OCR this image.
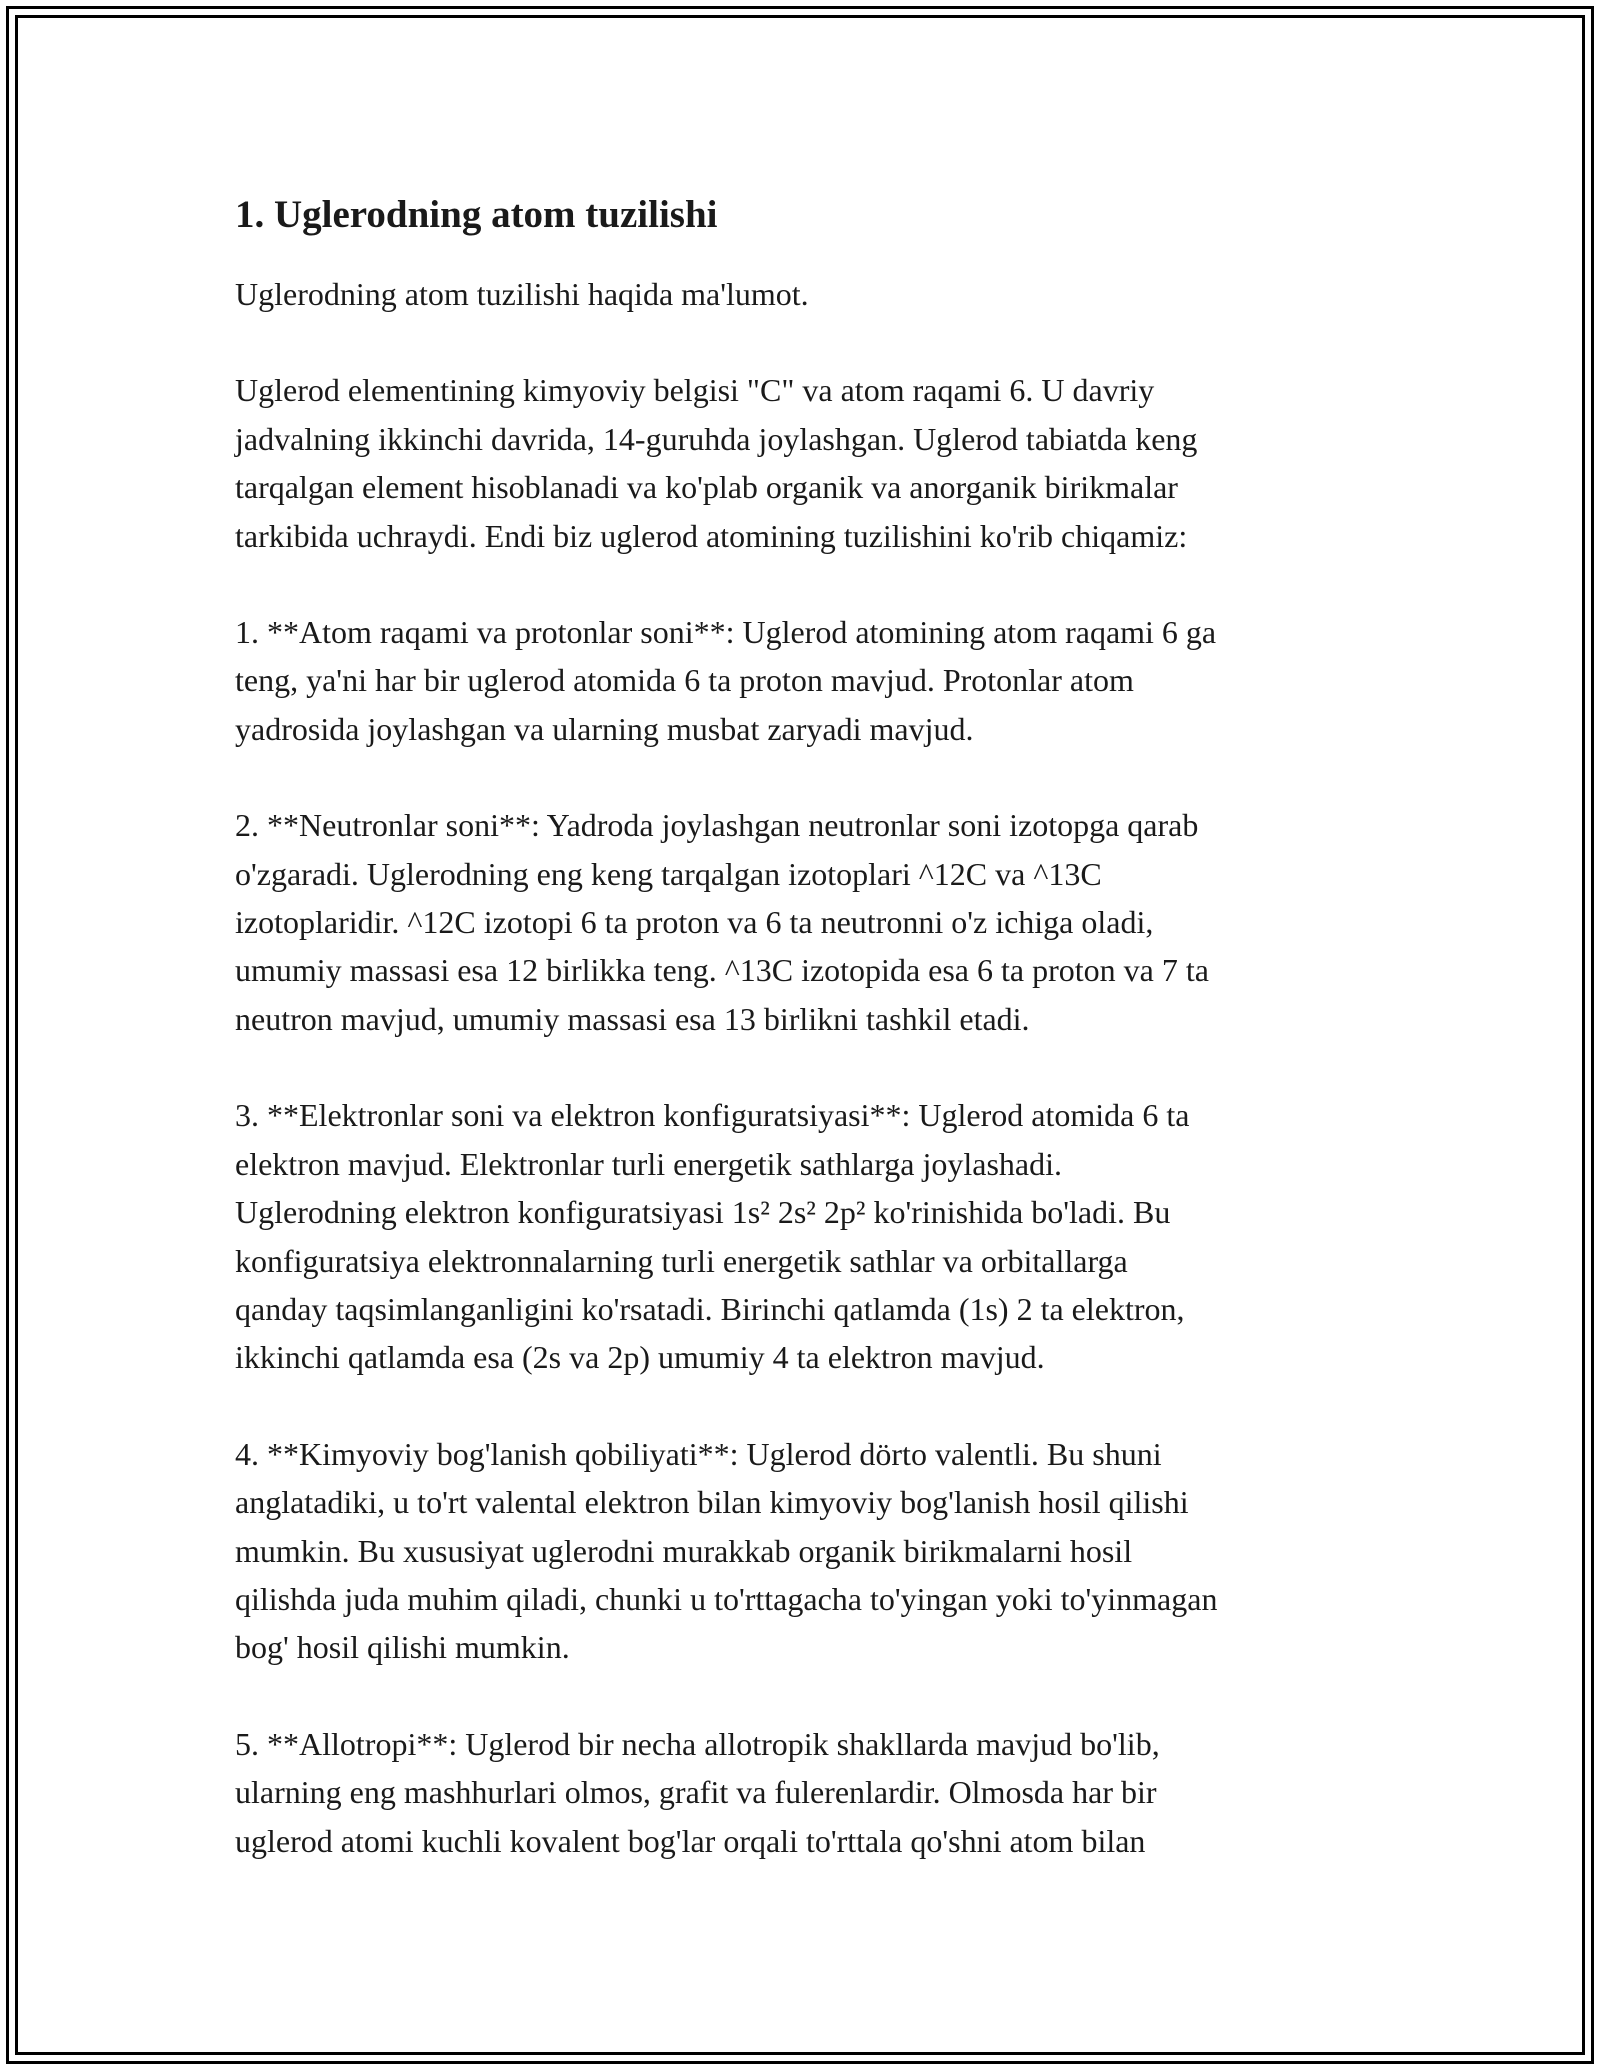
1. Uglerodning atom tuzilishi

Uglerodning atom tuzilishi haqida ma'lumot.

Uglerod elementining kimyoviy belgisi "C" va atom raqami 6. U davriy
jadvalning ikkinchi davrida, 14-guruhda joylashgan. Uglerod tabiatda keng
tarqalgan element hisoblanadi va ko'plab organik va anorganik birikmalar
tarkibida uchraydi. Endi biz uglerod atomining tuzilishini ko'rib chiqamiz:

1. **Atom raqami va protonlar soni**: Uglerod atomining atom raqami 6 ga
teng, ya'ni har bir uglerod atomida 6 ta proton mavjud. Protonlar atom
yadrosida joylashgan va ularning musbat zaryadi mavjud.

2. **Neutronlar soni**: Yadroda joylashgan neutronlar soni izotopga qarab
o'zgaradi. Uglerodning eng keng tarqalgan izotoplari ^12C va ^13C
izotoplaridir. ^12C izotopi 6 ta proton va 6 ta neutronni o'z ichiga oladi,
umumiy massasi esa 12 birlikka teng. ^13C izotopida esa 6 ta proton va 7 ta
neutron mavjud, umumiy massasi esa 13 birlikni tashkil etadi.

3. **Elektronlar soni va elektron konfiguratsiyasi**: Uglerod atomida 6 ta
elektron mavjud. Elektronlar turli energetik sathlarga joylashadi.
Uglerodning elektron konfiguratsiyasi 1s² 2s² 2p² ko'rinishida bo'ladi. Bu
konfiguratsiya elektronnalarning turli energetik sathlar va orbitallarga
qanday taqsimlanganligini ko'rsatadi. Birinchi qatlamda (1s) 2 ta elektron,
ikkinchi qatlamda esa (2s va 2p) umumiy 4 ta elektron mavjud.

4. **Kimyoviy bog'lanish qobiliyati**: Uglerod dörto valentli. Bu shuni
anglatadiki, u to'rt valental elektron bilan kimyoviy bog'lanish hosil qilishi
mumkin. Bu xususiyat uglerodni murakkab organik birikmalarni hosil
qilishda juda muhim qiladi, chunki u to'rttagacha to'yingan yoki to'yinmagan
bog' hosil qilishi mumkin.

5. **Allotropi**: Uglerod bir necha allotropik shakllarda mavjud bo'lib,
ularning eng mashhurlari olmos, grafit va fulerenlardir. Olmosda har bir
uglerod atomi kuchli kovalent bog'lar orqali to'rttala qo'shni atom bilan
